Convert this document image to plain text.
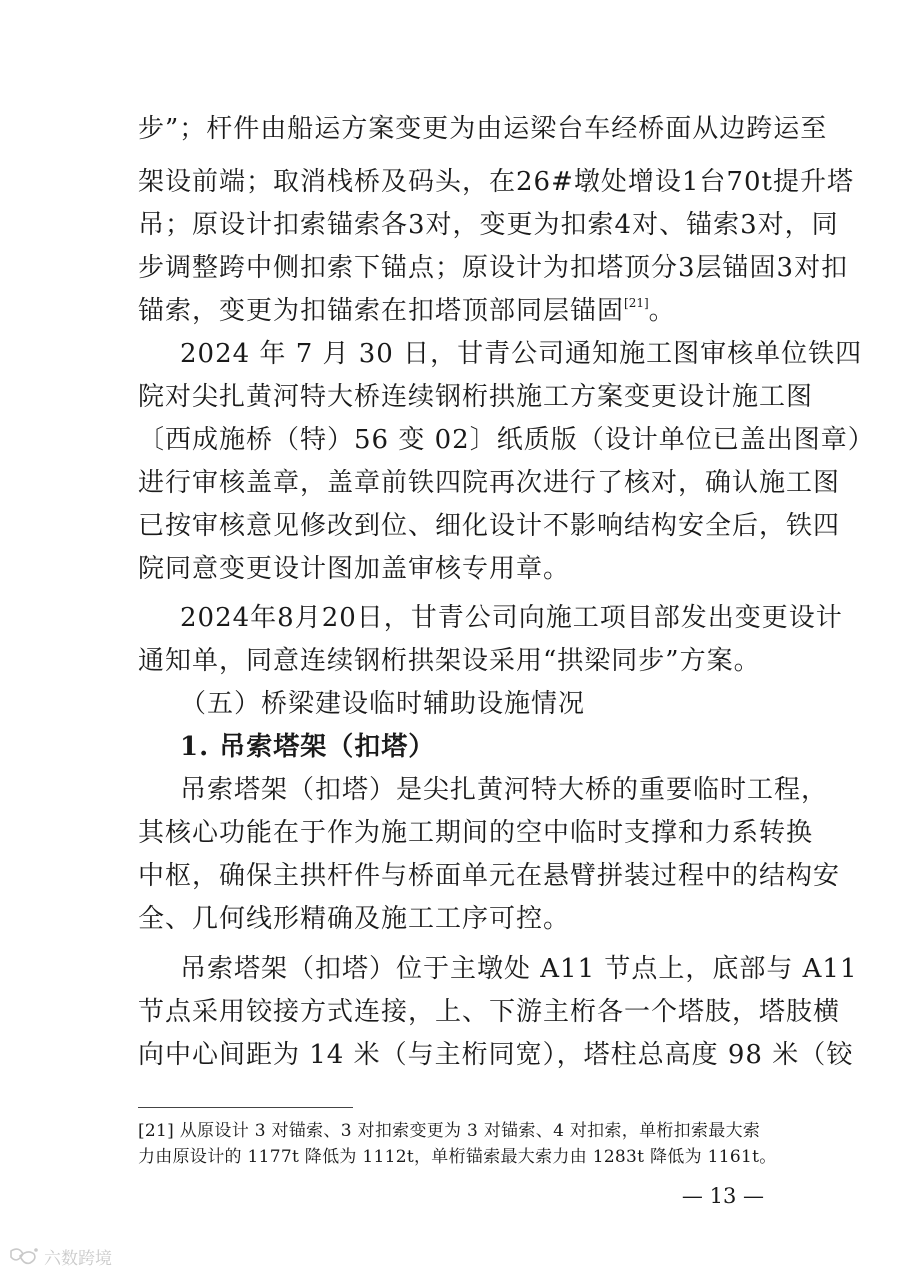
步”；杆件由船运方案变更为由运梁台车经桥面从边跨运至
架设前端；取消栈桥及码头，在26#墩处增设1台70t提升塔
吊；原设计扣索锚索各3对，变更为扣索4对、锚索3对，同
步调整跨中侧扣索下锚点；原设计为扣塔顶分3层锚固3对扣
锚索，变更为扣锚索在扣塔顶部同层锚固[21]。
2024 年 7 月 30 日，甘青公司通知施工图审核单位铁四
院对尖扎黄河特大桥连续钢桁拱施工方案变更设计施工图
〔西成施桥（特）56 变 02〕纸质版（设计单位已盖出图章）
进行审核盖章，盖章前铁四院再次进行了核对，确认施工图
已按审核意见修改到位、细化设计不影响结构安全后，铁四
院同意变更设计图加盖审核专用章。
2024年8月20日，甘青公司向施工项目部发出变更设计
通知单，同意连续钢桁拱架设采用“拱梁同步”方案。
（五）桥梁建设临时辅助设施情况
1. 吊索塔架（扣塔）
吊索塔架（扣塔）是尖扎黄河特大桥的重要临时工程，
其核心功能在于作为施工期间的空中临时支撑和力系转换
中枢，确保主拱杆件与桥面单元在悬臂拼装过程中的结构安
全、几何线形精确及施工工序可控。
吊索塔架（扣塔）位于主墩处 A11 节点上，底部与 A11
节点采用铰接方式连接，上、下游主桁各一个塔肢，塔肢横
向中心间距为 14 米（与主桁同宽），塔柱总高度 98 米（铰
[21] 从原设计 3 对锚索、3 对扣索变更为 3 对锚索、4 对扣索，单桁扣索最大索
力由原设计的 1177t 降低为 1112t，单桁锚索最大索力由 1283t 降低为 1161t。
— 13 —
六数跨境
